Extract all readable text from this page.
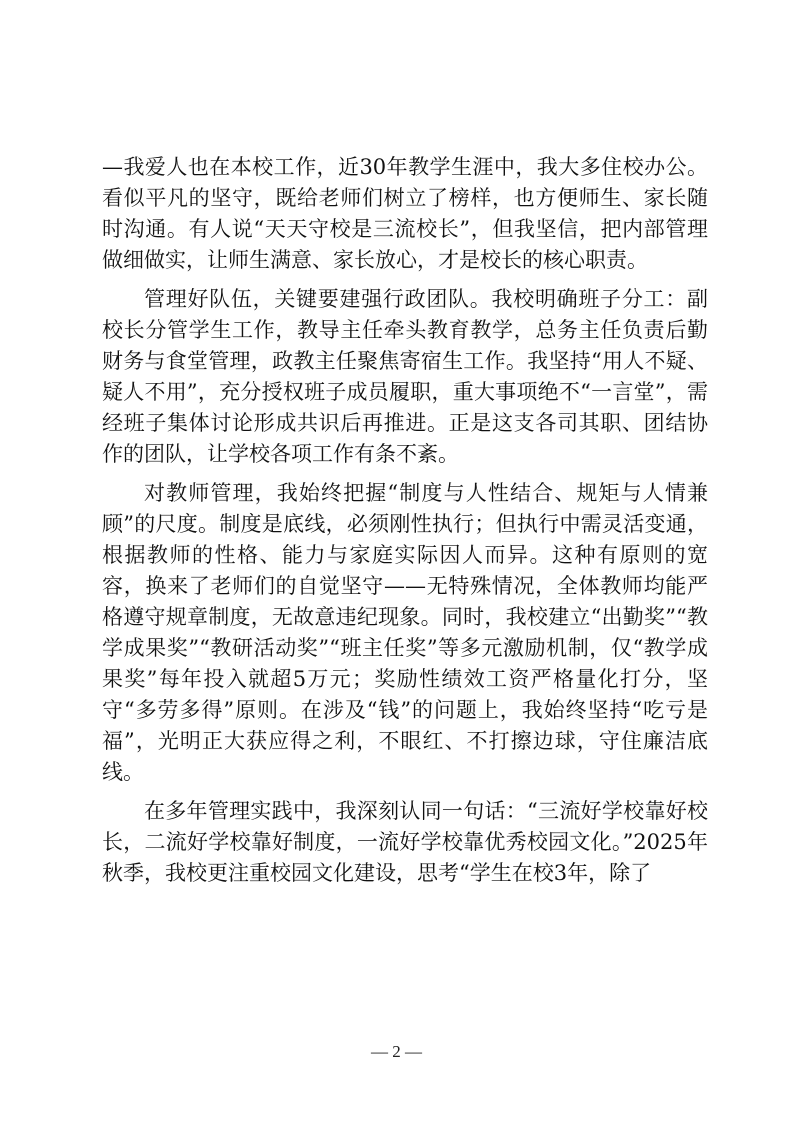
—我爱人也在本校工作，近30年教学生涯中，我大多住校办公。看似平凡的坚守，既给老师们树立了榜样，也方便师生、家长随时沟通。有人说“天天守校是三流校长”，但我坚信，把内部管理做细做实，让师生满意、家长放心，才是校长的核心职责。

管理好队伍，关键要建强行政团队。我校明确班子分工：副校长分管学生工作，教导主任牵头教育教学，总务主任负责后勤财务与食堂管理，政教主任聚焦寄宿生工作。我坚持“用人不疑、疑人不用”，充分授权班子成员履职，重大事项绝不“一言堂”，需经班子集体讨论形成共识后再推进。正是这支各司其职、团结协作的团队，让学校各项工作有条不紊。

对教师管理，我始终把握“制度与人性结合、规矩与人情兼顾”的尺度。制度是底线，必须刚性执行；但执行中需灵活变通，根据教师的性格、能力与家庭实际因人而异。这种有原则的宽容，换来了老师们的自觉坚守——无特殊情况，全体教师均能严格遵守规章制度，无故意违纪现象。同时，我校建立“出勤奖”“教学成果奖”“教研活动奖”“班主任奖”等多元激励机制，仅“教学成果奖”每年投入就超5万元；奖励性绩效工资严格量化打分，坚守“多劳多得”原则。在涉及“钱”的问题上，我始终坚持“吃亏是福”，光明正大获应得之利，不眼红、不打擦边球，守住廉洁底线。

在多年管理实践中，我深刻认同一句话：“三流好学校靠好校长，二流好学校靠好制度，一流好学校靠优秀校园文化。”2025年秋季，我校更注重校园文化建设，思考“学生在校3年，除了

— 2 —
